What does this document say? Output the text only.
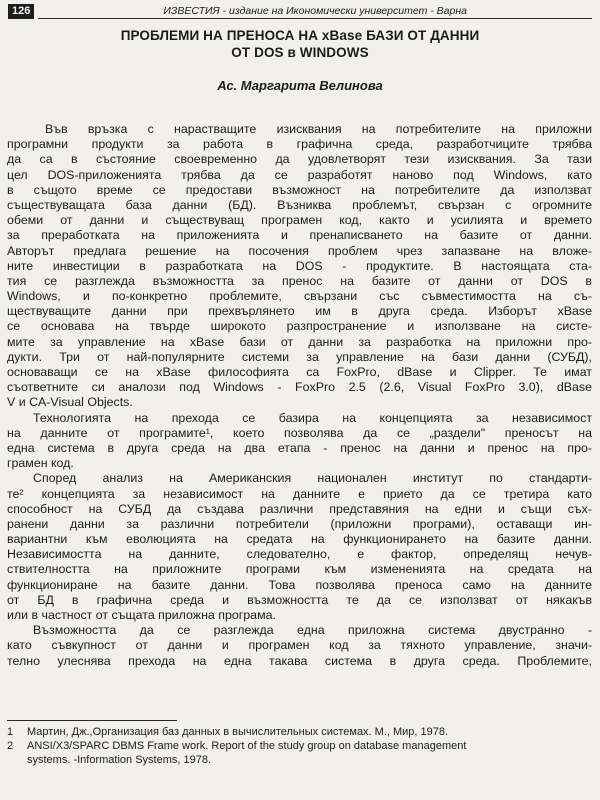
126	ИЗВЕСТИЯ - издание на Икономически университет - Варна
ПРОБЛЕМИ НА ПРЕНОСА НА xBase БАЗИ ОТ ДАННИ
ОТ DOS в WINDOWS

Ас. Маргарита Велинова

Във връзка с нарастващите изисквания на потребителите на приложни
програмни продукти за работа в графична среда, разработчиците трябва
да са в състояние своевременно да удовлетворят тези изисквания. За тази
цел DOS-приложенията трябва да се разработят наново под Windows, като
в същото време се предостави възможност на потребителите да използват
съществуващата база данни (БД). Възниква проблемът, свързан с огромните
обеми от данни и съществуващ програмен код, както и усилията и времето
за преработката на приложенията и пренаписването на базите от данни.
Авторът предлага решение на посочения проблем чрез запазване на вложе-
ните инвестиции в разработката на DOS - продуктите. В настоящата ста-
тия се разглежда възможността за пренос на базите от данни от DOS в
Windows, и по-конкретно проблемите, свързани със съвместимостта на съ-
ществуващите данни при прехвърлянето им в друга среда. Изборът xBase
се основава на твърде широкото разпространение и използване на систе-
мите за управление на xBase бази от данни за разработка на приложни про-
дукти. Три от най-популярните системи за управление на бази данни (СУБД),
основаващи се на xBase философията са FoxPro, dBase и Clipper. Те имат
съответните си аналози под Windows - FoxPro 2.5 (2.6, Visual FoxPro 3.0), dBase
V и CA-Visual Objects.
Технологията на прехода се базира на концепцията за независимост
на данните от програмите¹, което позволява да се „раздели" преносът на
една система в друга среда на два етапа - пренос на данни и пренос на про-
грамен код.
Според анализ на Американския национален институт по стандарти-
те² концепцията за независимост на данните е прието да се третира като
способност на СУБД да създава различни представяния на едни и същи съх-
ранени данни за различни потребители (приложни програми), оставащи ин-
вариантни към еволюцията на средата на функционирането на базите данни.
Независимостта на данните, следователно, е фактор, определящ нечув-
ствителността на приложните програми към измененията на средата на
функциониране на базите данни. Това позволява преноса само на данните
от БД в графична среда и възможността те да се използват от някакъв
или в частност от същата приложна програма.
Възможността да се разглежда една приложна система двустранно -
като съвкупност от данни и програмен код за тяхното управление, значи-
телно улеснява прехода на една такава система в друга среда. Проблемите,
1	Мартин, Дж.,Организация баз данных в вычислительных системах. М., Мир, 1978.
2	ANSI/X3/SPARC DBMS Frame work. Report of the study group on database management
systems. -Information Systems, 1978.
